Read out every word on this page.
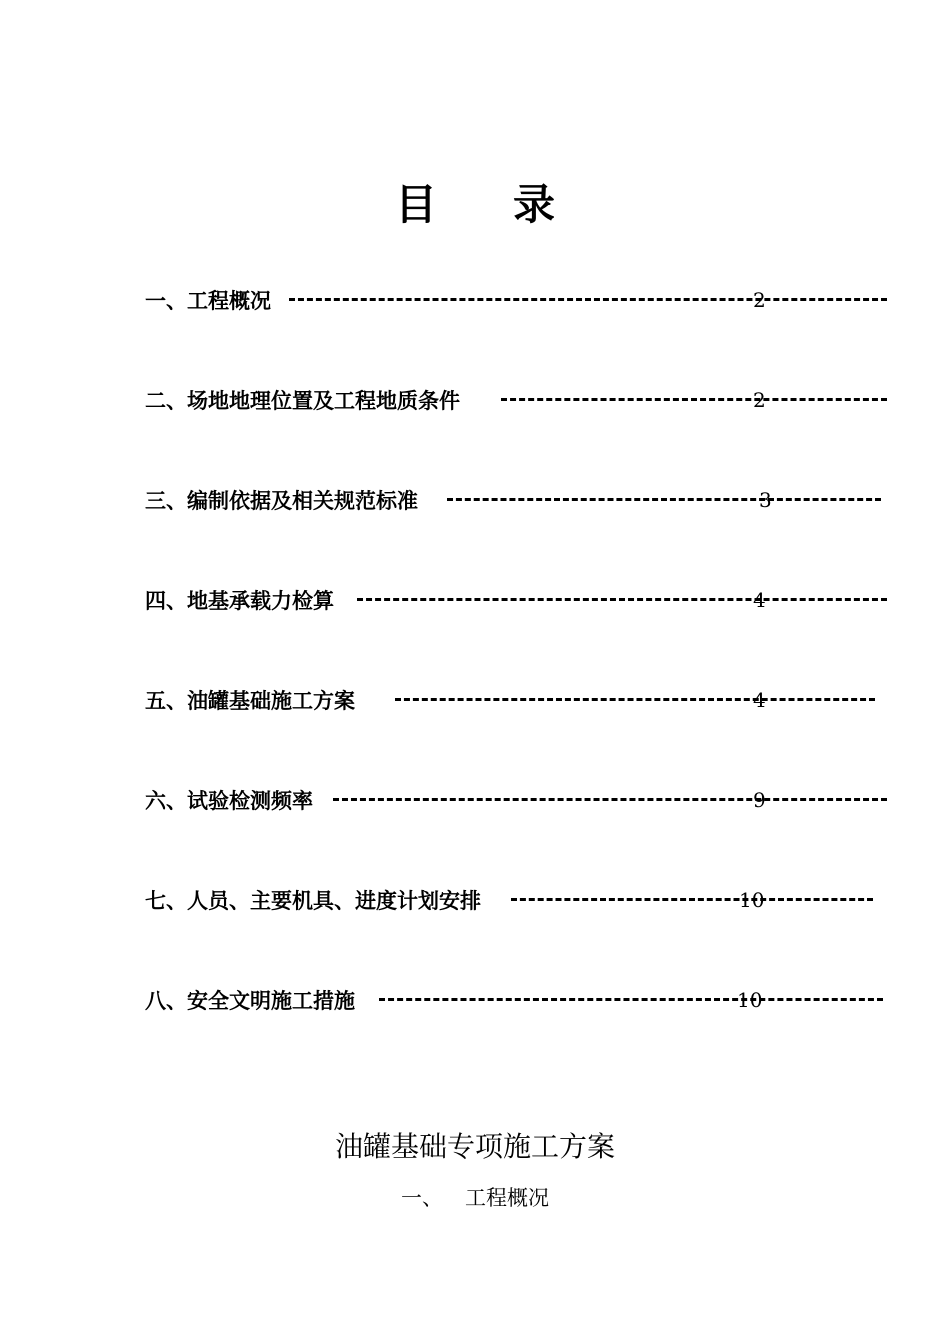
目 录
一、工程概况	2
二、场地地理位置及工程地质条件	2
三、编制依据及相关规范标准	3
四、地基承载力检算	4
五、油罐基础施工方案	4
六、试验检测频率	9
七、人员、主要机具、进度计划安排	10
八、安全文明施工措施	10
油罐基础专项施工方案
一、 工程概况
